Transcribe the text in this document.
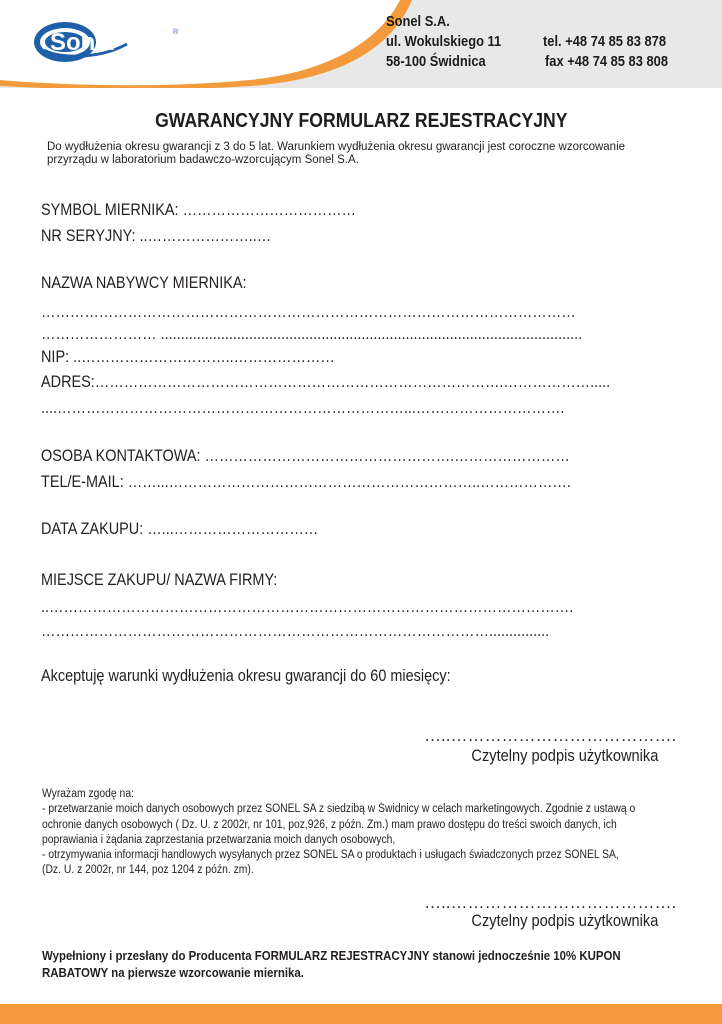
Sonel	®
Sonel S.A.
ul. Wokulskiego 11
58-100 Świdnica
tel. +48 74 85 83 878
fax +48 74 85 83 808
GWARANCYJNY FORMULARZ REJESTRACYJNY
Do wydłużenia okresu gwarancji z 3 do 5 lat. Warunkiem wydłużenia okresu gwarancji jest coroczne wzorcowanie
przyrządu w laboratorium badawczo-wzorcującym Sonel S.A.
SYMBOL MIERNIKA: ………………………………
NR SERYJNY: ..…………………..…
NAZWA NABYWCY MIERNIKA:
…………………………………………………………………………………………………
…………………… .........................................................................................................
NIP: ..…………………………..…………………
ADRES:………………………………………………………………………….……………….....
....………………………………………………………………...………………………….
OSOBA KONTAKTOWA: …………………………………………….……………………
TEL/E-MAIL: ……...………………………………………………………..……………….
DATA ZAKUPU: …...…………………………
MIEJSCE ZAKUPU/ NAZWA FIRMY:
..……………………………………………………………………………………………….
…………………………………………………………………………………...............
Akceptuję warunki wydłużenia okresu gwarancji do 60 miesięcy:
…..………………………………….
Czytelny podpis użytkownika
Wyrażam zgodę na:
- przetwarzanie moich danych osobowych przez SONEL SA z siedzibą w Świdnicy w celach marketingowych. Zgodnie z ustawą o
ochronie danych osobowych ( Dz. U. z 2002r, nr 101, poz,926, z późn. Zm.) mam prawo dostępu do treści swoich danych, ich
poprawiania i żądania zaprzestania przetwarzania moich danych osobowych,
- otrzymywania informacji handlowych wysyłanych przez SONEL SA o produktach i usługach świadczonych przez SONEL SA,
(Dz. U. z 2002r, nr 144, poz 1204 z późn. zm).
…..………………………………….
Czytelny podpis użytkownika
Wypełniony i przesłany do Producenta FORMULARZ REJESTRACYJNY stanowi jednocześnie 10% KUPON
RABATOWY na pierwsze wzorcowanie miernika.
